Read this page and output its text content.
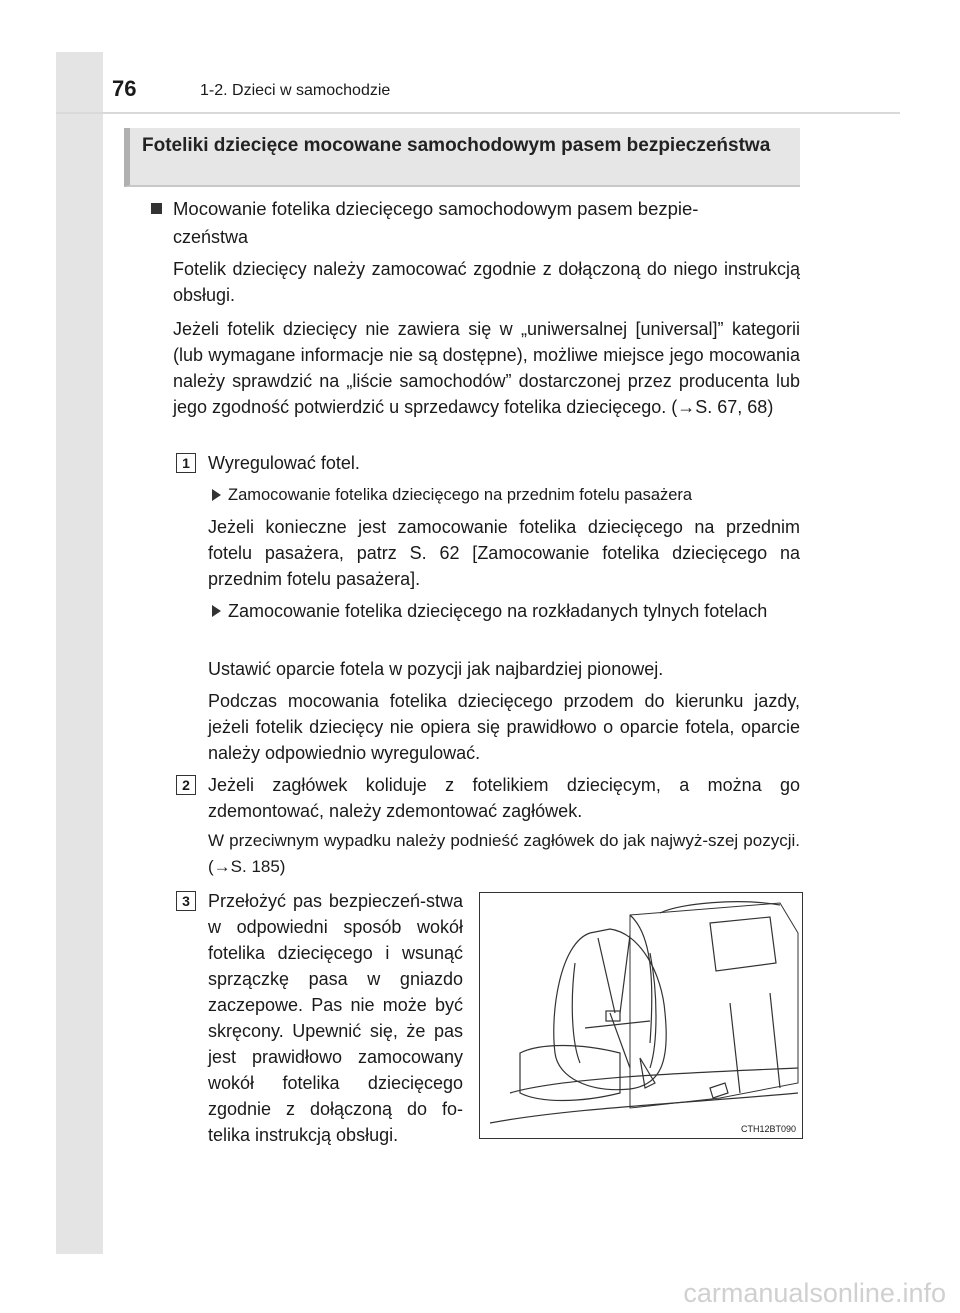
76	1-2. Dzieci w samochodzie
Foteliki dziecięce mocowane samochodowym pasem bezpieczeństwa
Mocowanie fotelika dziecięcego samochodowym pasem bezpie-
czeństwa
Fotelik dziecięcy należy zamocować zgodnie z dołączoną do niego instrukcją obsługi.
Jeżeli fotelik dziecięcy nie zawiera się w „uniwersalnej [universal]” kategorii (lub wymagane informacje nie są dostępne), możliwe miejsce jego mocowania należy sprawdzić na „liście samochodów” dostarczonej przez producenta lub jego zgodność potwierdzić u sprzedawcy fotelika dziecięcego. (→S. 67, 68)
1	Wyregulować fotel.
Zamocowanie fotelika dziecięcego na przednim fotelu pasażera
Jeżeli konieczne jest zamocowanie fotelika dziecięcego na przednim fotelu pasażera, patrz S. 62 [Zamocowanie fotelika dziecięcego na przednim fotelu pasażera].
Zamocowanie fotelika dziecięcego na rozkładanych tylnych fotelach
Ustawić oparcie fotela w pozycji jak najbardziej pionowej.
Podczas mocowania fotelika dziecięcego przodem do kierunku jazdy, jeżeli fotelik dziecięcy nie opiera się prawidłowo o oparcie fotela, oparcie należy odpowiednio wyregulować.
2	Jeżeli zagłówek koliduje z fotelikiem dziecięcym, a można go zdemontować, należy zdemontować zagłówek.
W przeciwnym wypadku należy podnieść zagłówek do jak najwyż-szej pozycji. (→S. 185)
3	Przełożyć pas bezpieczeń-stwa w odpowiedni sposób wokół fotelika dziecięcego i wsunąć sprzączkę pasa w gniazdo zaczepowe. Pas nie może być skręcony. Upewnić się, że pas jest prawidłowo zamocowany wokół fotelika dziecięcego zgodnie z dołączoną do fo-telika instrukcją obsługi.	CTH12BT090
carmanualsonline.info
